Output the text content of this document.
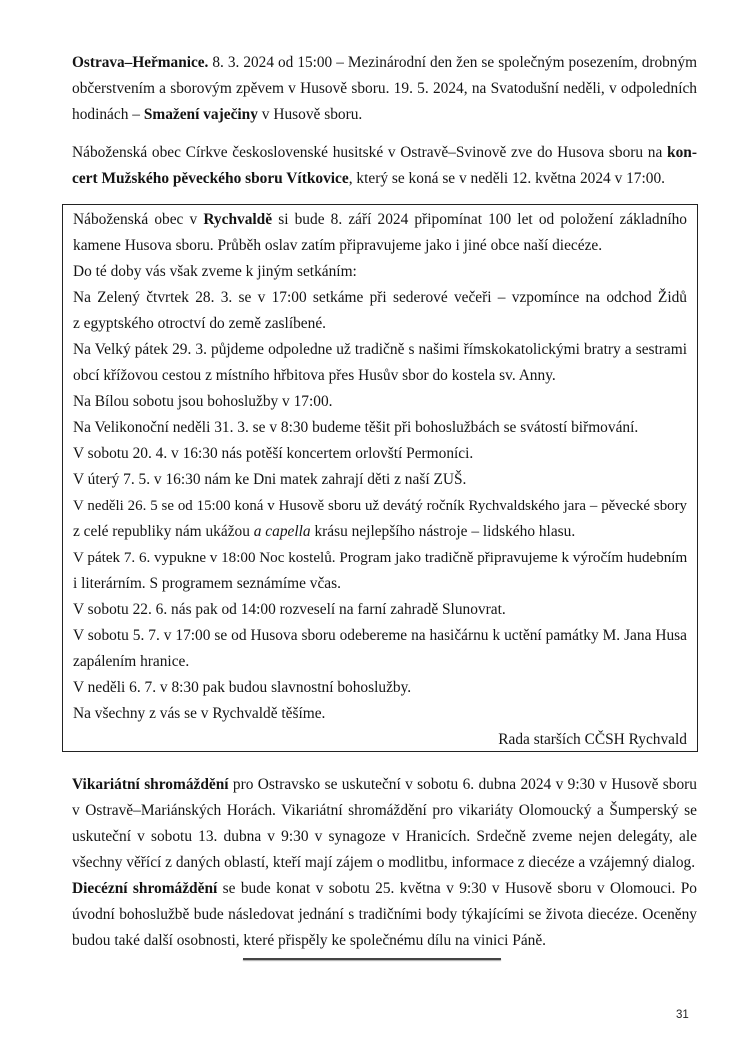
Ostrava–Heřmanice. 8. 3. 2024 od 15:00 – Mezinárodní den žen se společným posezením, drobným
občerstvením a sborovým zpěvem v Husově sboru. 19. 5. 2024, na Svatodušní neděli, v odpoledních
hodinách – Smažení vaječiny v Husově sboru.
Náboženská obec Církve československé husitské v Ostravě–Svinově zve do Husova sboru na kon-
cert Mužského pěveckého sboru Vítkovice, který se koná se v neděli 12. května 2024 v 17:00.
Náboženská obec v Rychvaldě si bude 8. září 2024 připomínat 100 let od položení základního
kamene Husova sboru. Průběh oslav zatím připravujeme jako i jiné obce naší diecéze.
Do té doby vás však zveme k jiným setkáním:
Na Zelený čtvrtek 28. 3. se v 17:00 setkáme při sederové večeři – vzpomínce na odchod Židů
z egyptského otroctví do země zaslíbené.
Na Velký pátek 29. 3. půjdeme odpoledne už tradičně s našimi římskokatolickými bratry a sestrami
obcí křížovou cestou z místního hřbitova přes Husův sbor do kostela sv. Anny.
Na Bílou sobotu jsou bohoslužby v 17:00.
Na Velikonoční neděli 31. 3. se v 8:30 budeme těšit při bohoslužbách se svátostí biřmování.
V sobotu 20. 4. v 16:30 nás potěší koncertem orlovští Permoníci.
V úterý 7. 5. v 16:30 nám ke Dni matek zahrají děti z naší ZUŠ.
V neděli 26. 5 se od 15:00 koná v Husově sboru už devátý ročník Rychvaldského jara – pěvecké sbory
z celé republiky nám ukážou a capella krásu nejlepšího nástroje – lidského hlasu.
V pátek 7. 6. vypukne v 18:00 Noc kostelů. Program jako tradičně připravujeme k výročím hudebním
i literárním. S programem seznámíme včas.
V sobotu 22. 6. nás pak od 14:00 rozveselí na farní zahradě Slunovrat.
V sobotu 5. 7. v 17:00 se od Husova sboru odebereme na hasičárnu k uctění památky M. Jana Husa
zapálením hranice.
V neděli 6. 7. v 8:30 pak budou slavnostní bohoslužby.
Na všechny z vás se v Rychvaldě těšíme.
Rada starších CČSH Rychvald
Vikariátní shromáždění pro Ostravsko se uskuteční v sobotu 6. dubna 2024 v 9:30 v Husově sboru
v Ostravě–Mariánských Horách. Vikariátní shromáždění pro vikariáty Olomoucký a Šumperský se
uskuteční v sobotu 13. dubna v 9:30 v synagoze v Hranicích. Srdečně zveme nejen delegáty, ale
všechny věřící z daných oblastí, kteří mají zájem o modlitbu, informace z diecéze a vzájemný dialog.
Diecézní shromáždění se bude konat v sobotu 25. května v 9:30 v Husově sboru v Olomouci. Po
úvodní bohoslužbě bude následovat jednání s tradičními body týkajícími se života diecéze. Oceněny
budou také další osobnosti, které přispěly ke společnému dílu na vinici Páně.
31
